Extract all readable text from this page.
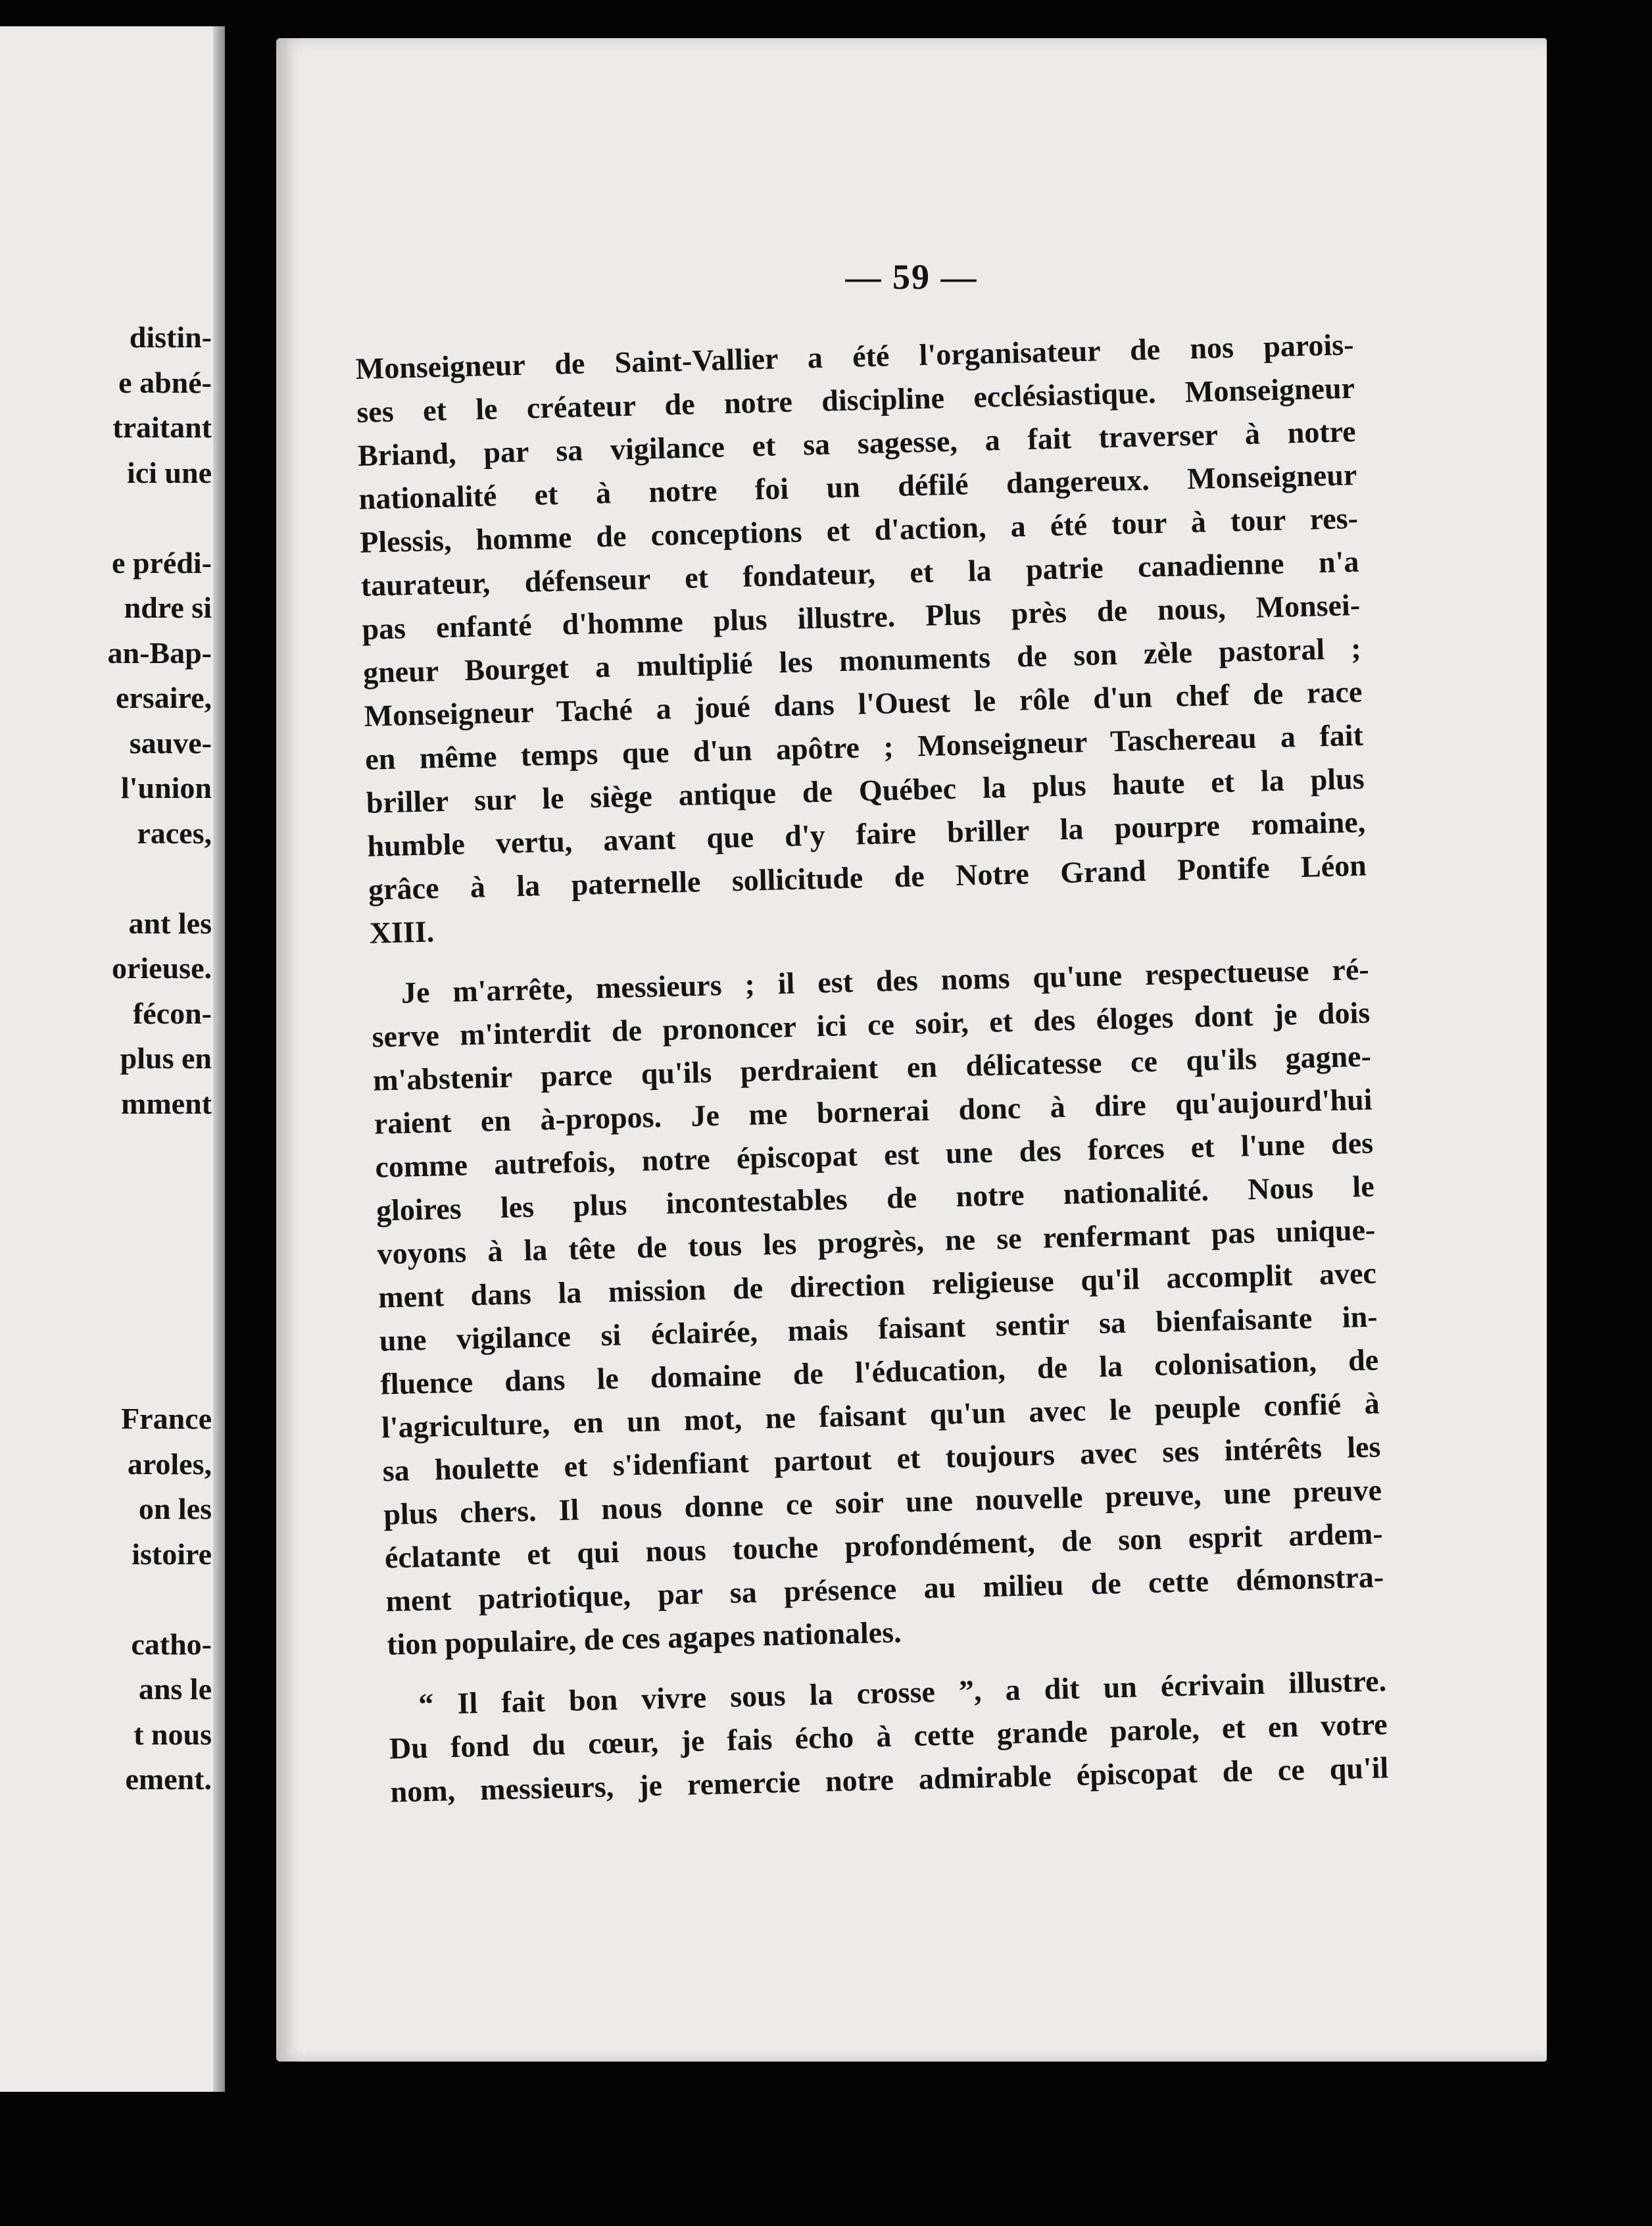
distin-
e abné-
traitant
ici une
e prédi-
ndre si
an-Bap-
ersaire,
sauve-
l'union
races,
ant les
orieuse.
fécon-
plus en
mment
France
aroles,
on les
istoire
catho-
ans le
t nous
ement.
— 59 —
Monseigneur de Saint-Vallier a été l'organisateur de nos parois-
ses et le créateur de notre discipline ecclésiastique. Monseigneur
Briand, par sa vigilance et sa sagesse, a fait traverser à notre
nationalité et à notre foi un défilé dangereux. Monseigneur
Plessis, homme de conceptions et d'action, a été tour à tour res-
taurateur, défenseur et fondateur, et la patrie canadienne n'a
pas enfanté d'homme plus illustre. Plus près de nous, Monsei-
gneur Bourget a multiplié les monuments de son zèle pastoral ;
Monseigneur Taché a joué dans l'Ouest le rôle d'un chef de race
en même temps que d'un apôtre ; Monseigneur Taschereau a fait
briller sur le siège antique de Québec la plus haute et la plus
humble vertu, avant que d'y faire briller la pourpre romaine,
grâce à la paternelle sollicitude de Notre Grand Pontife Léon
XIII.
Je m'arrête, messieurs ; il est des noms qu'une respectueuse ré-
serve m'interdit de prononcer ici ce soir, et des éloges dont je dois
m'abstenir parce qu'ils perdraient en délicatesse ce qu'ils gagne-
raient en à-propos. Je me bornerai donc à dire qu'aujourd'hui
comme autrefois, notre épiscopat est une des forces et l'une des
gloires les plus incontestables de notre nationalité. Nous le
voyons à la tête de tous les progrès, ne se renfermant pas unique-
ment dans la mission de direction religieuse qu'il accomplit avec
une vigilance si éclairée, mais faisant sentir sa bienfaisante in-
fluence dans le domaine de l'éducation, de la colonisation, de
l'agriculture, en un mot, ne faisant qu'un avec le peuple confié à
sa houlette et s'idenfiant partout et toujours avec ses intérêts les
plus chers. Il nous donne ce soir une nouvelle preuve, une preuve
éclatante et qui nous touche profondément, de son esprit ardem-
ment patriotique, par sa présence au milieu de cette démonstra-
tion populaire, de ces agapes nationales.
“ Il fait bon vivre sous la crosse ”, a dit un écrivain illustre.
Du fond du cœur, je fais écho à cette grande parole, et en votre
nom, messieurs, je remercie notre admirable épiscopat de ce qu'il
